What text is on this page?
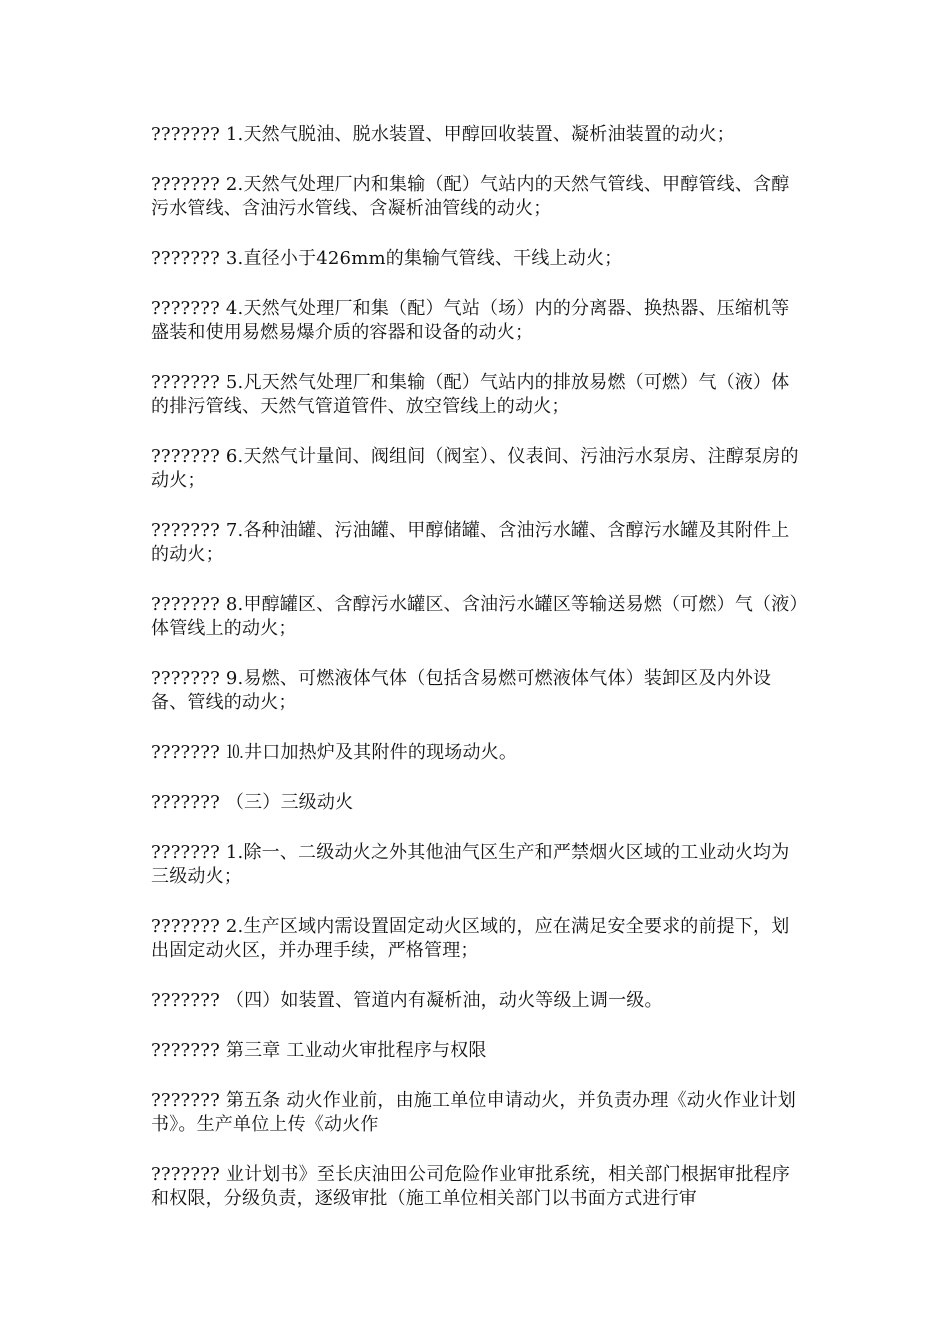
??????? 1.天然气脱油、脱水装置、甲醇回收装置、凝析油装置的动火；

??????? 2.天然气处理厂内和集输（配）气站内的天然气管线、甲醇管线、含醇污水管线、含油污水管线、含凝析油管线的动火；

??????? 3.直径小于426mm的集输气管线、干线上动火；

??????? 4.天然气处理厂和集（配）气站（场）内的分离器、换热器、压缩机等盛装和使用易燃易爆介质的容器和设备的动火；

??????? 5.凡天然气处理厂和集输（配）气站内的排放易燃（可燃）气（液）体的排污管线、天然气管道管件、放空管线上的动火；

??????? 6.天然气计量间、阀组间（阀室）、仪表间、污油污水泵房、注醇泵房的动火；

??????? 7.各种油罐、污油罐、甲醇储罐、含油污水罐、含醇污水罐及其附件上的动火；

??????? 8.甲醇罐区、含醇污水罐区、含油污水罐区等输送易燃（可燃）气（液）体管线上的动火；

??????? 9.易燃、可燃液体气体（包括含易燃可燃液体气体）装卸区及内外设备、管线的动火；

??????? ⒑井口加热炉及其附件的现场动火。

??????? （三）三级动火

??????? 1.除一、二级动火之外其他油气区生产和严禁烟火区域的工业动火均为三级动火；

??????? 2.生产区域内需设置固定动火区域的，应在满足安全要求的前提下，划出固定动火区，并办理手续，严格管理；

??????? （四）如装置、管道内有凝析油，动火等级上调一级。

??????? 第三章 工业动火审批程序与权限

??????? 第五条 动火作业前，由施工单位申请动火，并负责办理《动火作业计划书》。生产单位上传《动火作

??????? 业计划书》至长庆油田公司危险作业审批系统，相关部门根据审批程序和权限，分级负责，逐级审批（施工单位相关部门以书面方式进行审
